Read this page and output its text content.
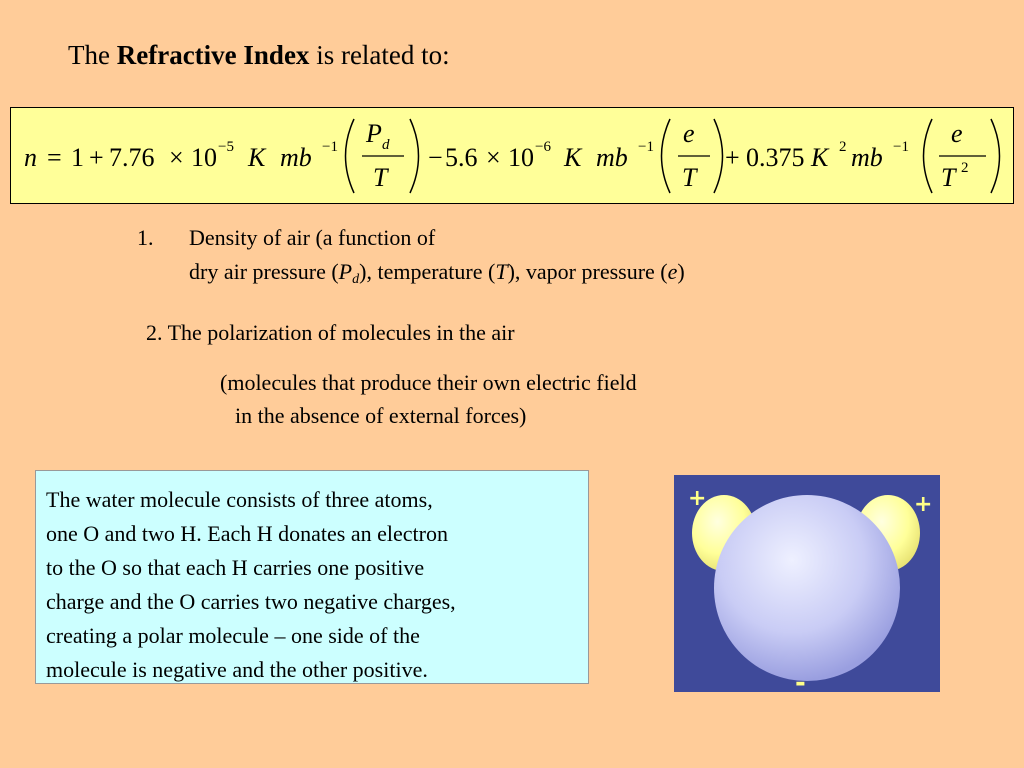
The Refractive Index is related to:
n = 1 + 7.76 × 10 −5 K mb −1 P d
T
− 5.6 × 10 −6 K mb −1 e
T
+ 0.375 K 2 mb −1 e
T 2
1. Density of air (a function of
dry air pressure $(P_d)$, temperature (T), vapor pressure (e)
2. The polarization of molecules in the air
(molecules that produce their own electric field
in the absence of external forces)

The water molecule consists of three atoms,

one O and two H. Each H donates an electron

to the O so that each H carries one positive

charge and the O carries two negative charges,

creating a polar molecule – one side of the

molecule is negative and the other positive.

+	+
-
